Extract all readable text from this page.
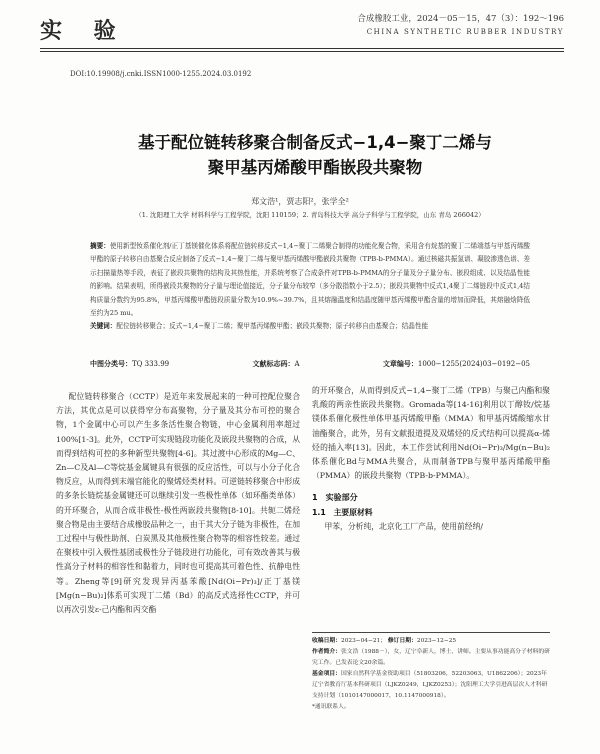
实 验	合成橡胶工业，2024－05－15，47（3）：192～196
CHINA SYNTHETIC RUBBER INDUSTRY
DOI:10.19908/j.cnki.ISSN1000-1255.2024.03.0192
基于配位链转移聚合制备反式−1,4−聚丁二烯与
聚甲基丙烯酸甲酯嵌段共聚物
郑文浩¹，贾志阳²，张学全²
（1. 沈阳理工大学 材料科学与工程学院，沈阳 110159；2. 青岛科技大学 高分子科学与工程学院，山东 青岛 266042）
摘要：使用新型钕系催化剂/正丁基镁催化体系将配位链转移反式−1,4−聚丁二烯聚合制得的功能化聚合物，采用含有烷基的聚丁二烯端基与甲基丙烯酸甲酯的原子转移自由基聚合反应制备了反式−1,4−聚丁二烯与聚甲基丙烯酸甲酯嵌段共聚物（TPB-b-PMMA）。通过核磁共振氢谱、凝胶渗透色谱、差示扫描量热等手段，表征了嵌段共聚物的结构及其热性能，并系统考察了合成条件对TPB-b-PMMA的分子量及分子量分布、嵌段组成、以及结晶性能的影响。结果表明，所得嵌段共聚物的分子量与理论值接近，分子量分布较窄（多分散指数小于2.5）；嵌段共聚物中反式1,4聚丁二烯链段中反式1,4结构质量分数约为95.8%，甲基丙烯酸甲酯链段质量分数为10.9%~39.7%，且其熔融温度和结晶度随甲基丙烯酸甲酯含量的增加而降低，其熔融焓降低至约为25 mu。
关键词：配位链转移聚合；反式−1,4−聚丁二烯；聚甲基丙烯酸甲酯；嵌段共聚物；原子转移自由基聚合；结晶性能
中图分类号：TQ 333.99	文献标志码：A	文章编号：1000−1255(2024)03−0192−05
配位链转移聚合（CCTP）是近年来发展起来的一种可控配位聚合方法，其优点是可以获得窄分布高聚物，分子量及其分布可控的聚合物，1个金属中心可以产生多条活性聚合物链，中心金属利用率超过100%[1-3]。此外，CCTP可实现链段功能化及嵌段共聚物的合成，从而得到结构可控的多种新型共聚物[4-6]。其过渡中心形成的Mg—C、Zn—C及Al—C等烷基金属键具有很强的反应活性，可以与小分子化合物反应，从而得到末端官能化的聚烯烃类材料。可逆链转移聚合中形成的多条长链烷基金属键还可以继续引发一些极性单体（如环酯类单体）的开环聚合，从而合成非极性-极性两嵌段共聚物[8-10]。共轭二烯烃聚合物是由主要结合成橡胶品种之一，由于其大分子链为非极性，在加工过程中与极性助剂、白炭黑及其他极性聚合物等的相容性较差。通过在聚枝中引入极性基团或极性分子链段进行功能化，可有效改善其与极性高分子材料的相容性和黏着力，同时也可提高其可着色性、抗静电性等。Zheng等[9]研究发现异丙基苯酸[Nd(Oi−Pr)₃]/正丁基镁[Mg(n−Bu)₂]体系可实现丁二烯（Bd）的高反式选择性CCTP，并可以再次引发ε-己内酯和丙交酯

的开环聚合，从而得到反式−1,4−聚丁二烯（TPB）与聚己内酯和聚乳酸的两亲性嵌段共聚物。Gromada等[14-16]利用以丁醇钕/烷基镁体系催化极性单体甲基丙烯酸甲酯（MMA）和甲基丙烯酸缩水甘油酯聚合，此外，另有文献报道提及双烯烃的反式结构可以提高α-烯烃的插入率[13]。因此，本工作尝试利用Nd(Oi−Pr)₃/Mg(n−Bu)₂体系催化Bd与MMA共聚合，从而制备TPB与聚甲基丙烯酸甲酯（PMMA）的嵌段共聚物（TPB-b-PMMA）。

1　实验部分

1.1　主要原材料

甲苯，分析纯，北京化工厂产品，使用前经纳/

收稿日期：2023−04−21； 修订日期：2023−12−25

作者简介：张文浩（1988－），女，辽宁阜新人，博士，讲师。主要从事功能高分子材料的研究工作。已发表论文20余篇。

基金项目：国家自然科学基金资助项目（51803206，52203063，U1862206）；2023年辽宁省教育厅基本科研项目（LJKZ0249，LJKZ0253）；沈阳理工大学引进高层次人才科研支持计划（1010147000017，10.1147000918）。

*通讯联系人。
